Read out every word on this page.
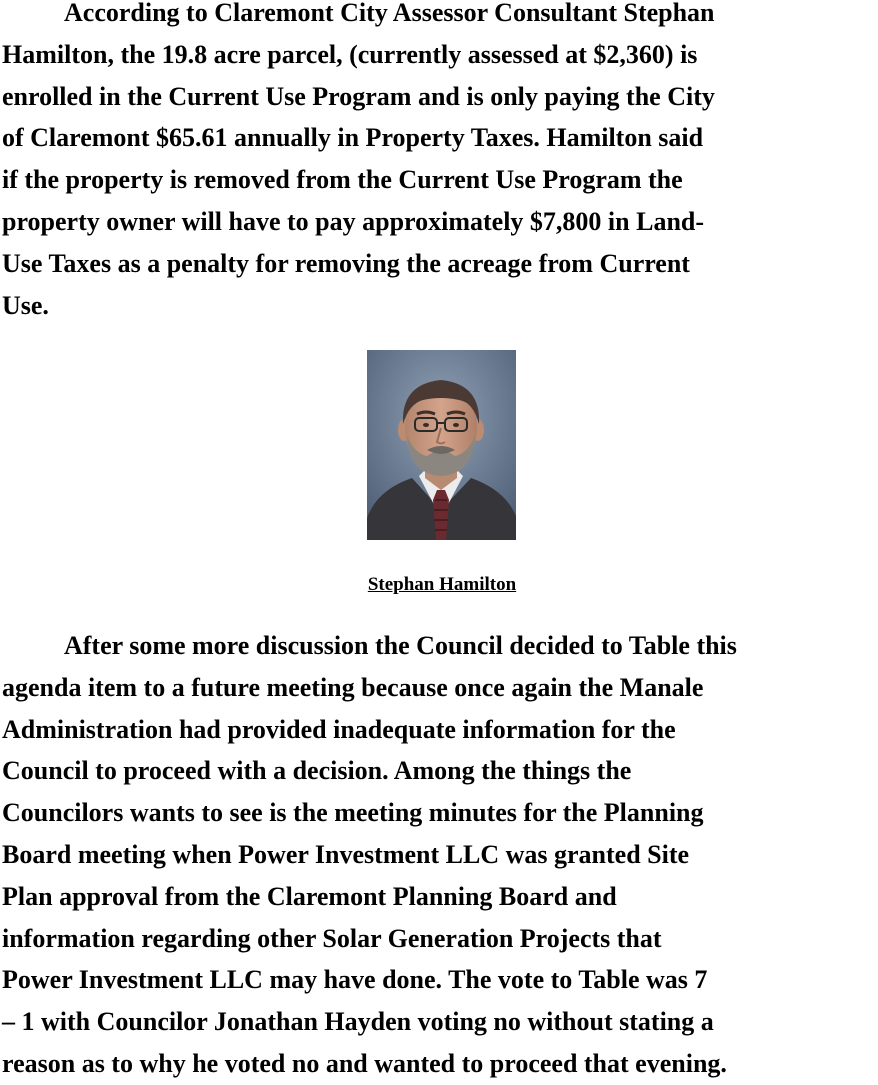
According to Claremont City Assessor Consultant Stephan
Hamilton, the 19.8 acre parcel, (currently assessed at $2,360) is
enrolled in the Current Use Program and is only paying the City
of Claremont $65.61 annually in Property Taxes. Hamilton said
if the property is removed from the Current Use Program the
property owner will have to pay approximately $7,800 in Land-
Use Taxes as a penalty for removing the acreage from Current
Use.
Stephan Hamilton
After some more discussion the Council decided to Table this
agenda item to a future meeting because once again the Manale
Administration had provided inadequate information for the
Council to proceed with a decision. Among the things the
Councilors wants to see is the meeting minutes for the Planning
Board meeting when Power Investment LLC was granted Site
Plan approval from the Claremont Planning Board and
information regarding other Solar Generation Projects that
Power Investment LLC may have done. The vote to Table was 7
– 1 with Councilor Jonathan Hayden voting no without stating a
reason as to why he voted no and wanted to proceed that evening.
